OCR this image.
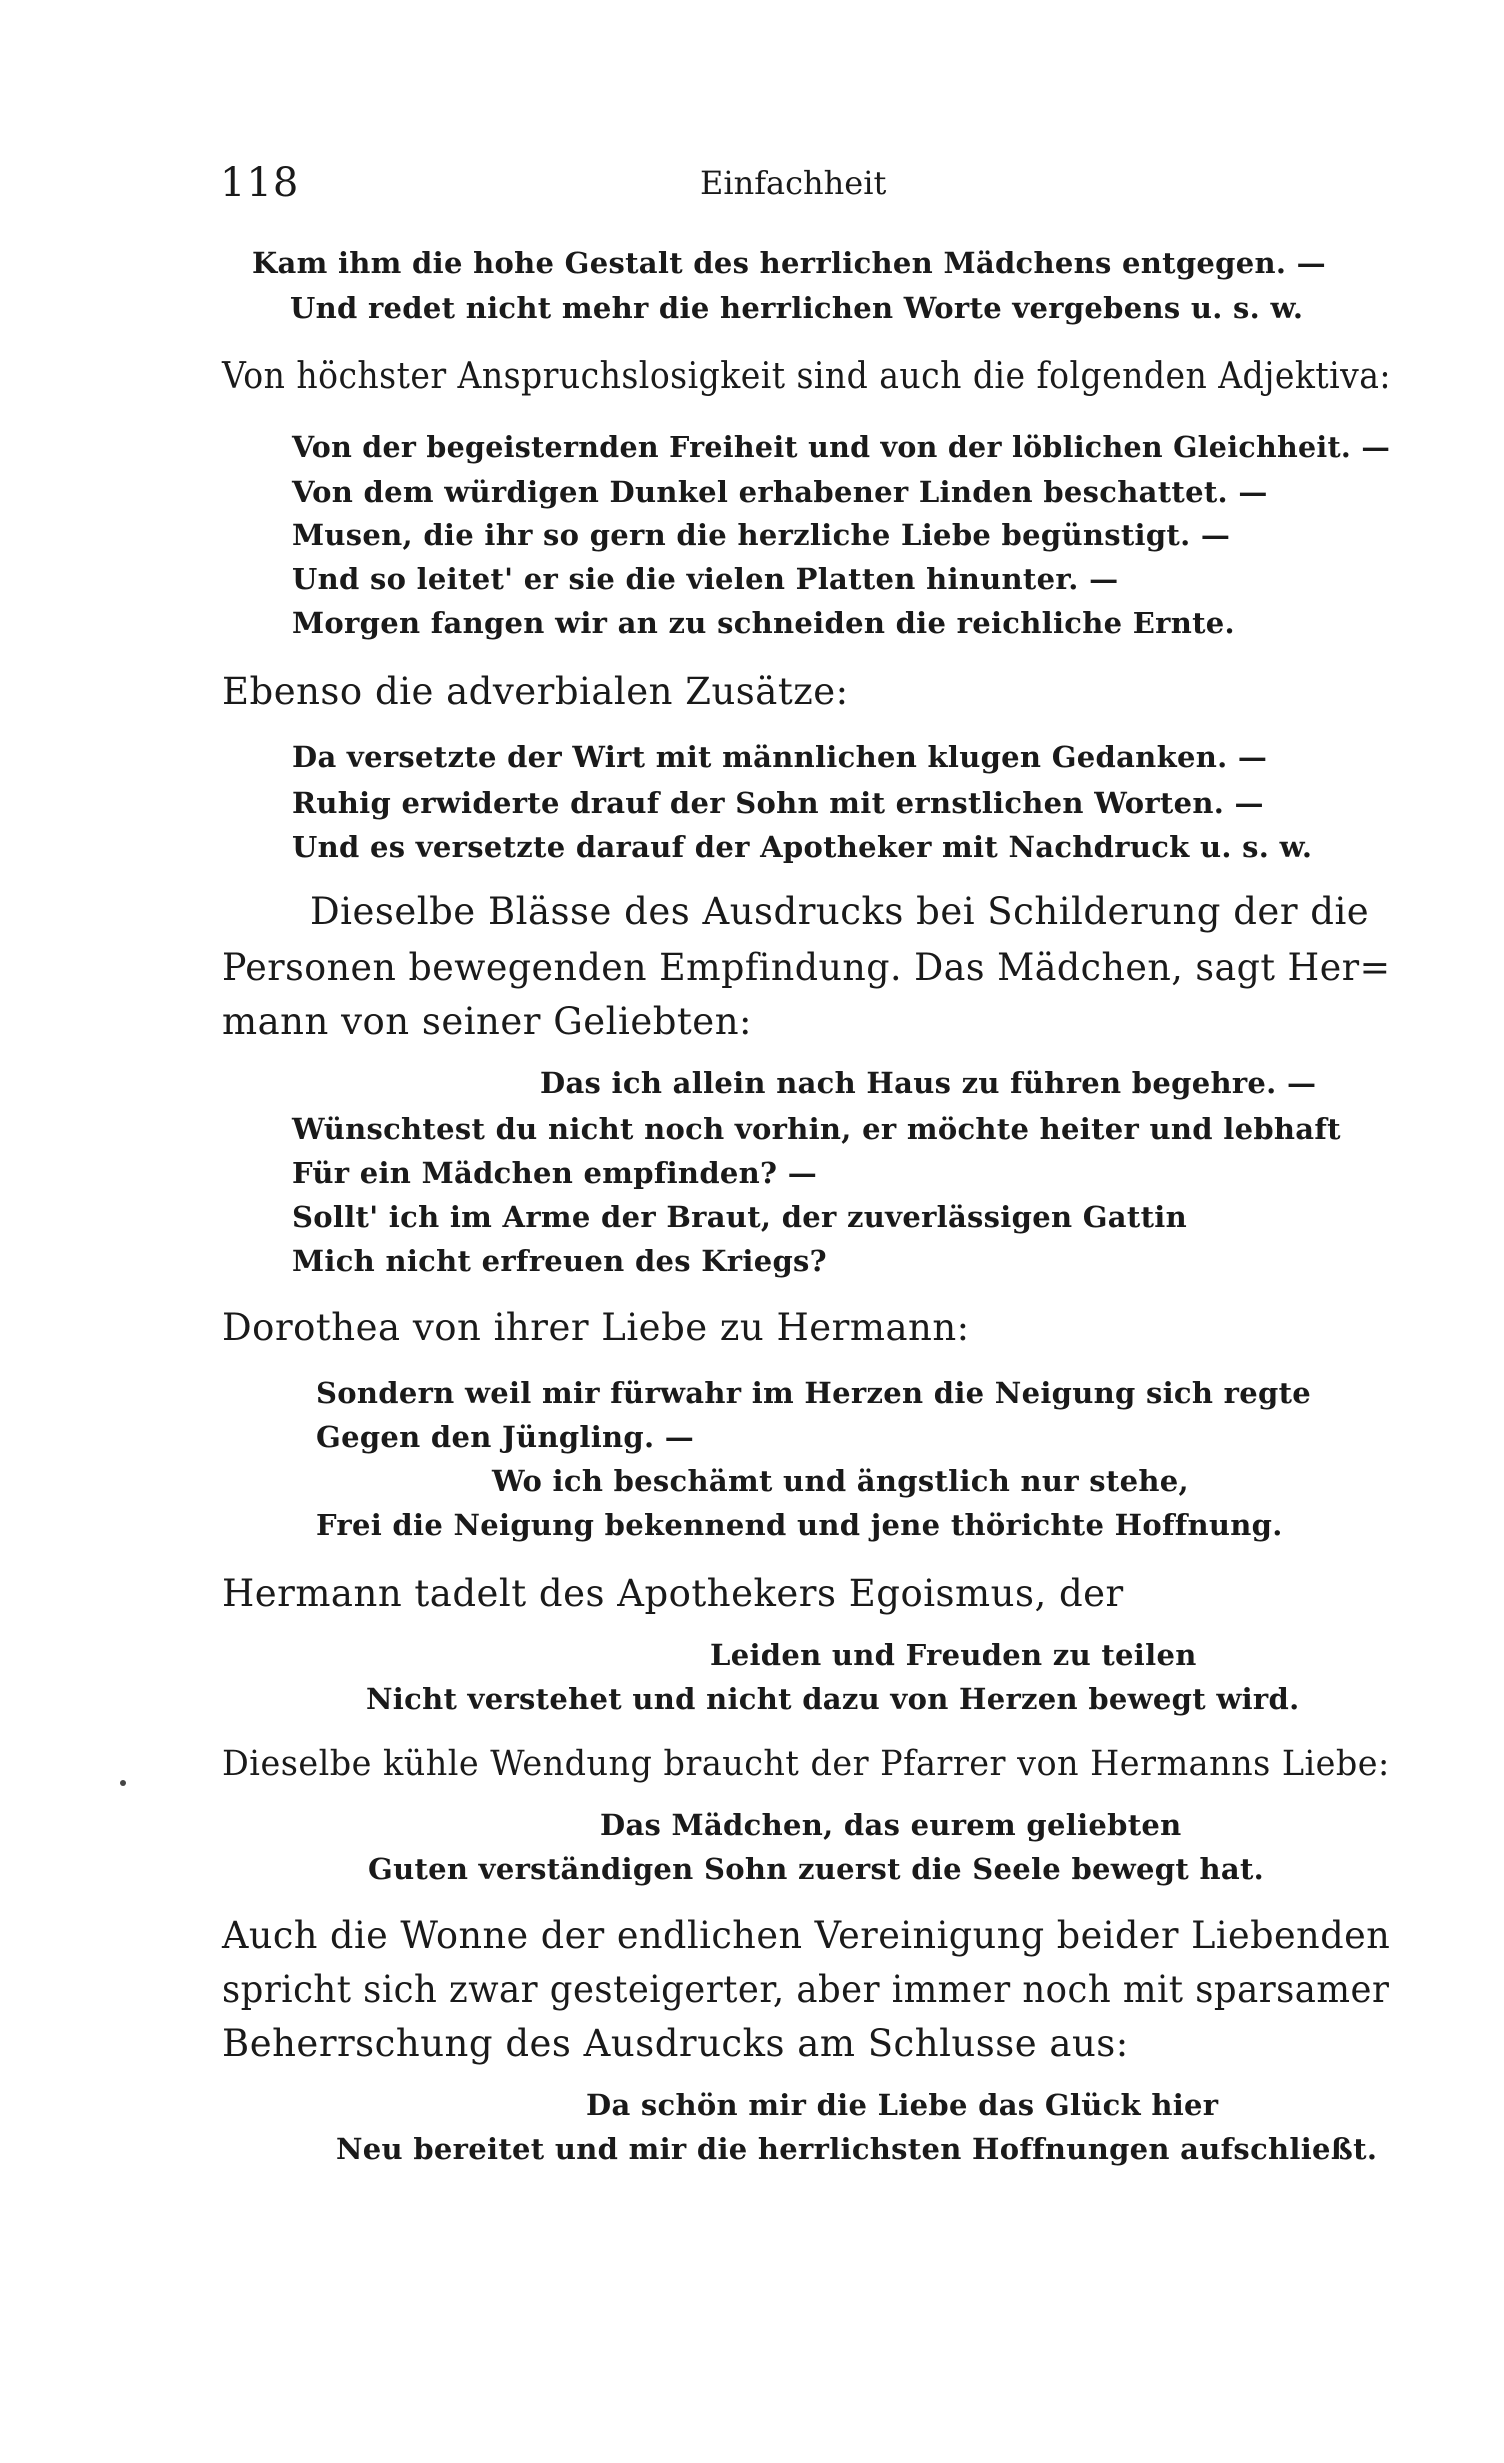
118	Einfachheit
Kam ihm die hohe Gestalt des herrlichen Mädchens entgegen. —
Und redet nicht mehr die herrlichen Worte vergebens u. s. w.
Von höchster Anspruchslosigkeit sind auch die folgenden Adjektiva:
Von der begeisternden Freiheit und von der löblichen Gleichheit. —
Von dem würdigen Dunkel erhabener Linden beschattet. —
Musen, die ihr so gern die herzliche Liebe begünstigt. —
Und so leitet' er sie die vielen Platten hinunter. —
Morgen fangen wir an zu schneiden die reichliche Ernte.
Ebenso die adverbialen Zusätze:
Da versetzte der Wirt mit männlichen klugen Gedanken. —
Ruhig erwiderte drauf der Sohn mit ernstlichen Worten. —
Und es versetzte darauf der Apotheker mit Nachdruck u. s. w.
Dieselbe Blässe des Ausdrucks bei Schilderung der die
Personen bewegenden Empfindung. Das Mädchen, sagt Her=
mann von seiner Geliebten:
Das ich allein nach Haus zu führen begehre. —
Wünschtest du nicht noch vorhin, er möchte heiter und lebhaft
Für ein Mädchen empfinden? —
Sollt' ich im Arme der Braut, der zuverlässigen Gattin
Mich nicht erfreuen des Kriegs?
Dorothea von ihrer Liebe zu Hermann:
Sondern weil mir fürwahr im Herzen die Neigung sich regte
Gegen den Jüngling. —
Wo ich beschämt und ängstlich nur stehe,
Frei die Neigung bekennend und jene thörichte Hoffnung.
Hermann tadelt des Apothekers Egoismus, der
Leiden und Freuden zu teilen
Nicht verstehet und nicht dazu von Herzen bewegt wird.
Dieselbe kühle Wendung braucht der Pfarrer von Hermanns Liebe:
Das Mädchen, das eurem geliebten
Guten verständigen Sohn zuerst die Seele bewegt hat.
Auch die Wonne der endlichen Vereinigung beider Liebenden
spricht sich zwar gesteigerter, aber immer noch mit sparsamer
Beherrschung des Ausdrucks am Schlusse aus:
Da schön mir die Liebe das Glück hier
Neu bereitet und mir die herrlichsten Hoffnungen aufschließt.
